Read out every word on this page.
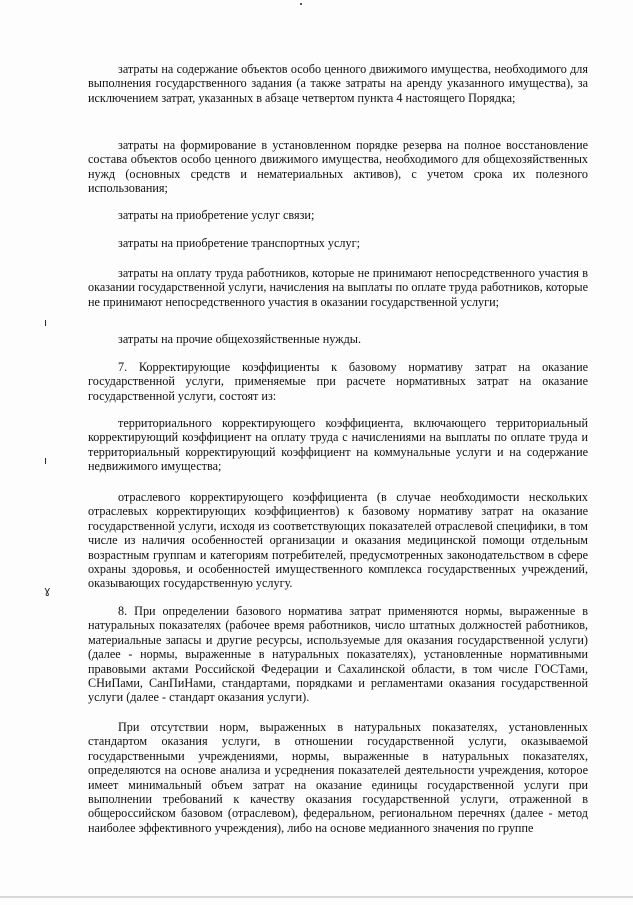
затраты на содержание объектов особо ценного движимого имущества, необходимого для выполнения государственного задания (а также затраты на аренду указанного имущества), за исключением затрат, указанных в абзаце четвертом пункта 4 настоящего Порядка;

затраты на формирование в установленном порядке резерва на полное восстановление состава объектов особо ценного движимого имущества, необходимого для общехозяйственных нужд (основных средств и нематериальных активов), с учетом срока их полезного использования;

затраты на приобретение услуг связи;

затраты на приобретение транспортных услуг;

затраты на оплату труда работников, которые не принимают непосредственного участия в оказании государственной услуги, начисления на выплаты по оплате труда работников, которые не принимают непосредственного участия в оказании государственной услуги;

затраты на прочие общехозяйственные нужды.

7. Корректирующие коэффициенты к базовому нормативу затрат на оказание государственной услуги, применяемые при расчете нормативных затрат на оказание государственной услуги, состоят из:

территориального корректирующего коэффициента, включающего территориальный корректирующий коэффициент на оплату труда с начислениями на выплаты по оплате труда и территориальный корректирующий коэффициент на коммунальные услуги и на содержание недвижимого имущества;

отраслевого корректирующего коэффициента (в случае необходимости нескольких отраслевых корректирующих коэффициентов) к базовому нормативу затрат на оказание государственной услуги, исходя из соответствующих показателей отраслевой специфики, в том числе из наличия особенностей организации и оказания медицинской помощи отдельным возрастным группам и категориям потребителей, предусмотренных законодательством в сфере охраны здоровья, и особенностей имущественного комплекса государственных учреждений, оказывающих государственную услугу.

8. При определении базового норматива затрат применяются нормы, выраженные в натуральных показателях (рабочее время работников, число штатных должностей работников, материальные запасы и другие ресурсы, используемые для оказания государственной услуги) (далее - нормы, выраженные в натуральных показателях), установленные нормативными правовыми актами Российской Федерации и Сахалинской области, в том числе ГОСТами, СНиПами, СанПиНами, стандартами, порядками и регламентами оказания государственной услуги (далее - стандарт оказания услуги).

При отсутствии норм, выраженных в натуральных показателях, установленных стандартом оказания услуги, в отношении государственной услуги, оказываемой государственными учреждениями, нормы, выраженные в натуральных показателях, определяются на основе анализа и усреднения показателей деятельности учреждения, которое имеет минимальный объем затрат на оказание единицы государственной услуги при выполнении требований к качеству оказания государственной услуги, отраженной в общероссийском базовом (отраслевом), федеральном, региональном перечнях (далее - метод наиболее эффективного учреждения), либо на основе медианного значения по группе

ı
ı
ɣ
